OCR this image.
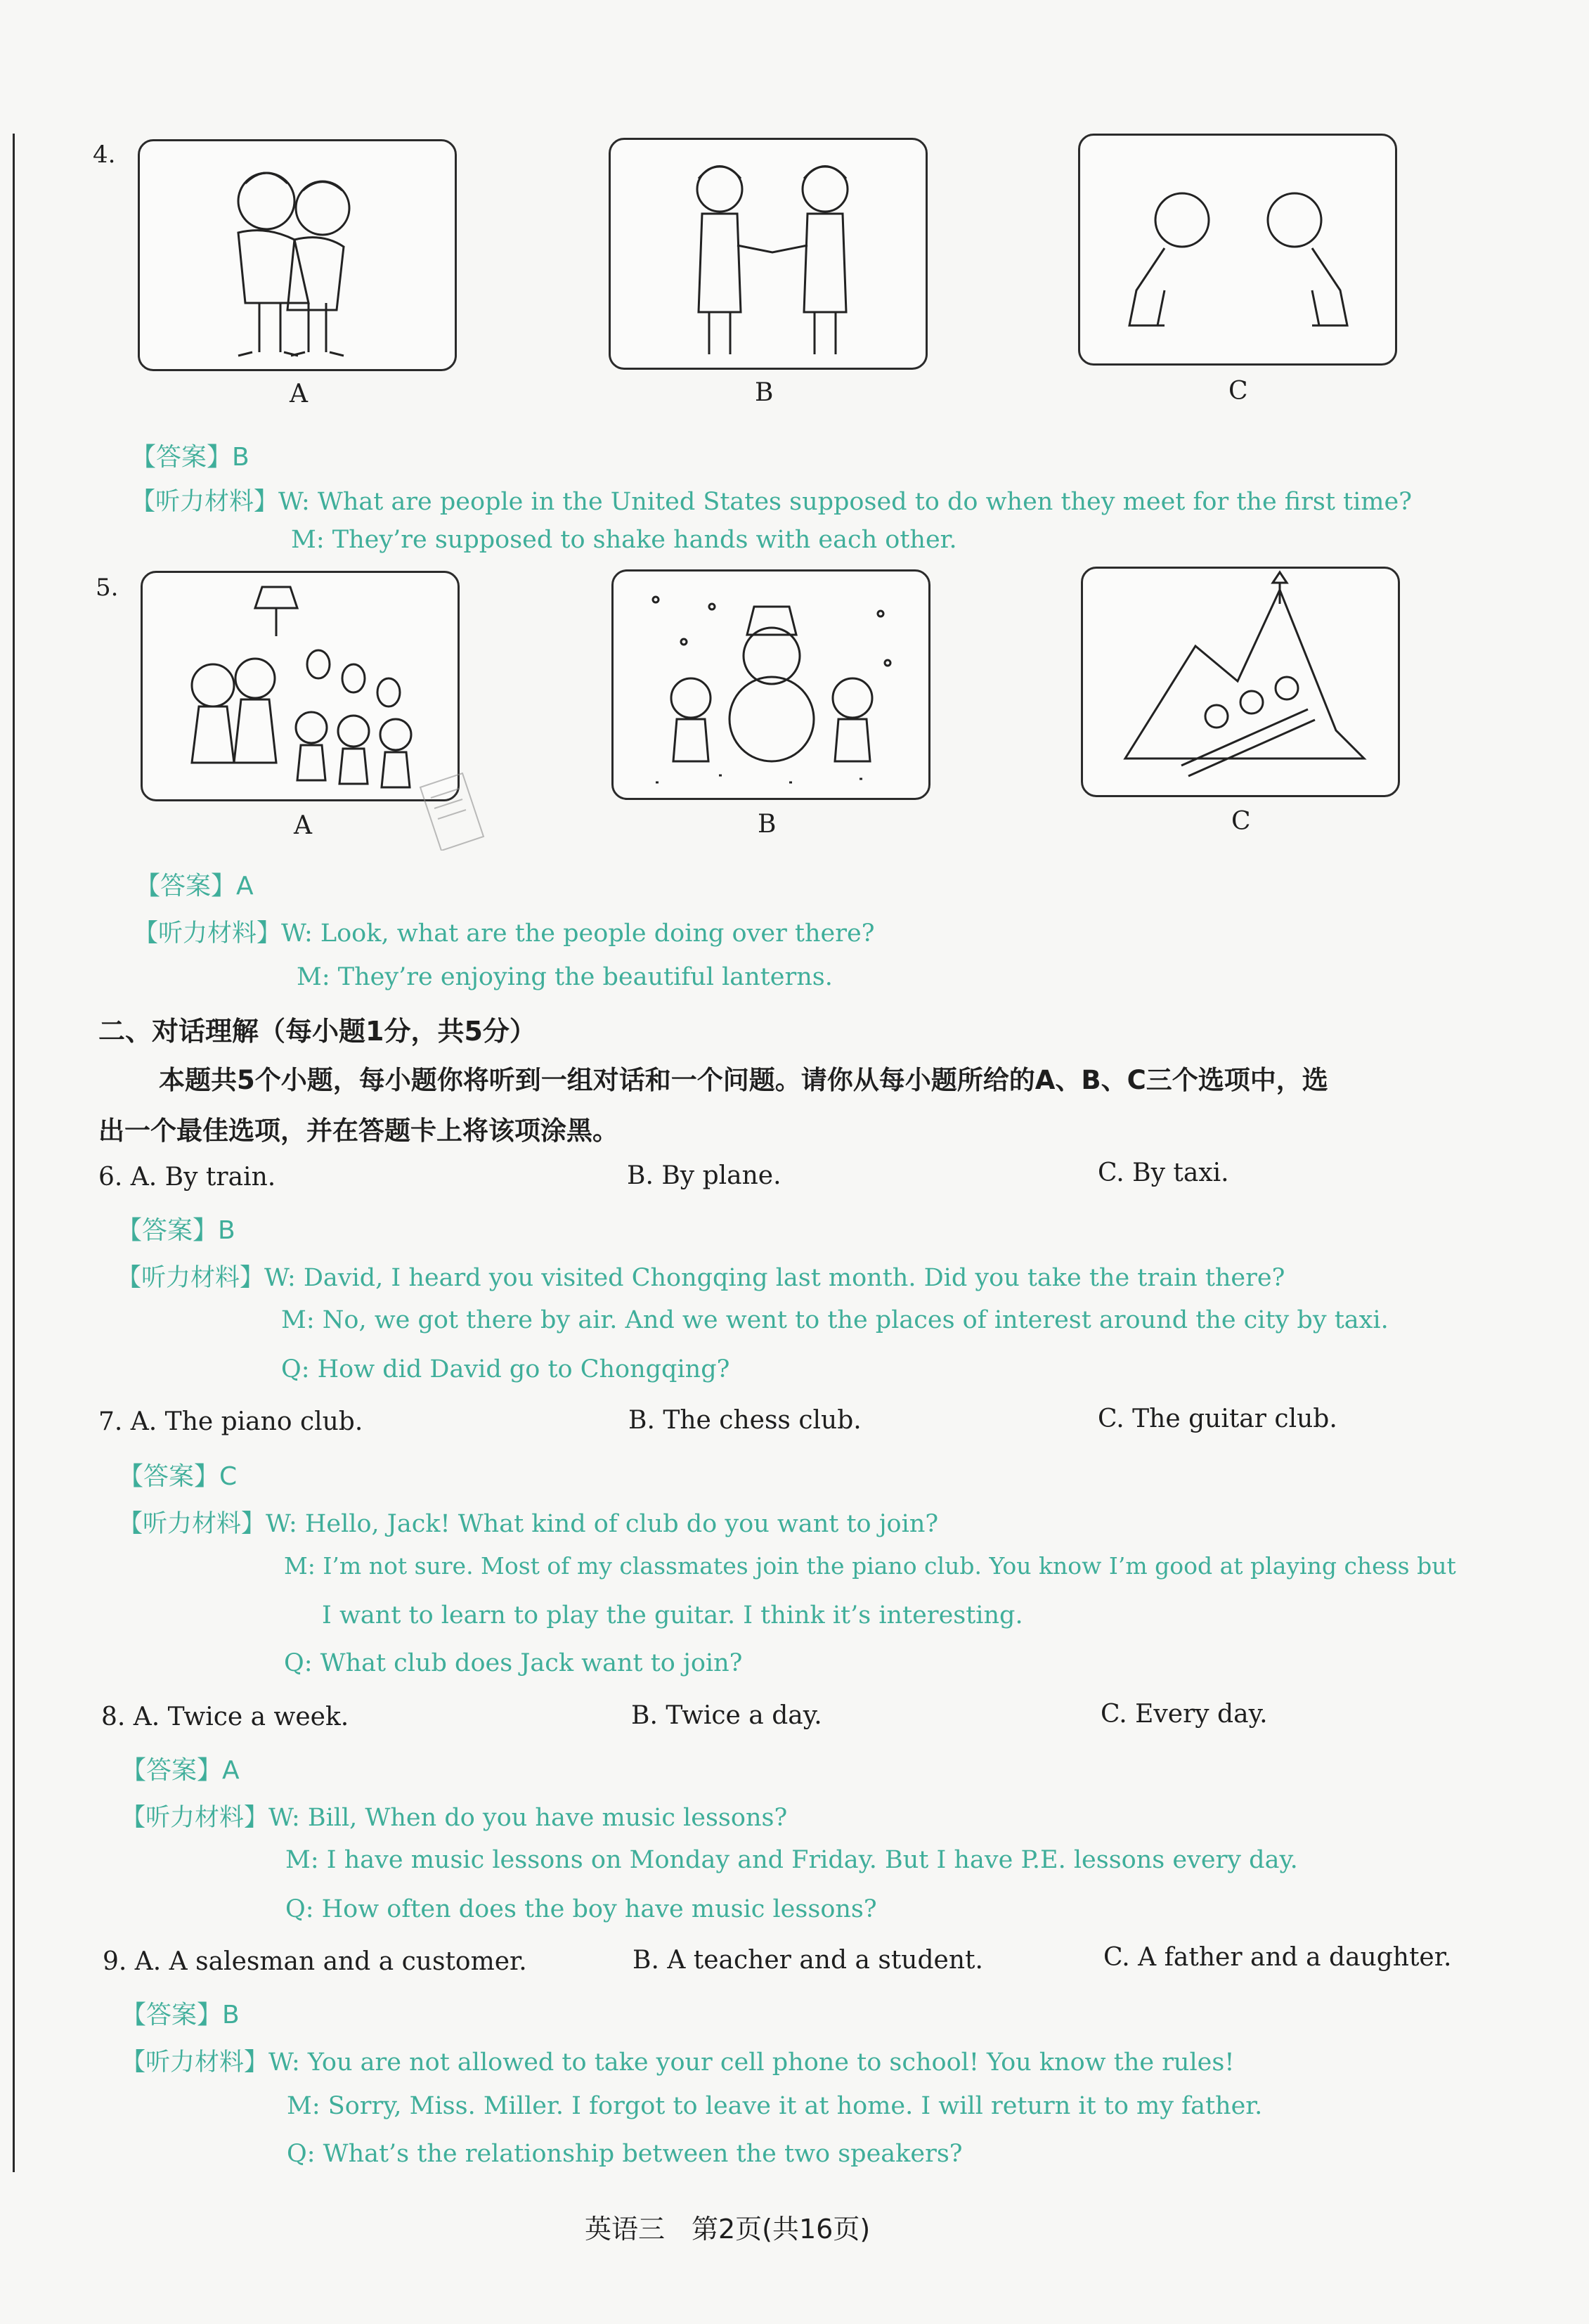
4.
A	B	C
【答案】B
【听力材料】W: What are people in the United States supposed to do when they meet for the first time?
M: They’re supposed to shake hands with each other.
5.
A	B	C
【答案】A
【听力材料】W: Look, what are the people doing over there?
M: They’re enjoying the beautiful lanterns.
二、对话理解（每小题1分，共5分）
本题共5个小题，每小题你将听到一组对话和一个问题。请你从每小题所给的A、B、C三个选项中，选
出一个最佳选项，并在答题卡上将该项涂黑。
6. A. By train.	B. By plane.	C. By taxi.
【答案】B
【听力材料】W: David, I heard you visited Chongqing last month. Did you take the train there?
M: No, we got there by air. And we went to the places of interest around the city by taxi.
Q: How did David go to Chongqing?
7. A. The piano club.	B. The chess club.	C. The guitar club.
【答案】C
【听力材料】W: Hello, Jack! What kind of club do you want to join?
M: I’m not sure. Most of my classmates join the piano club. You know I’m good at playing chess but
I want to learn to play the guitar. I think it’s interesting.
Q: What club does Jack want to join?
8. A. Twice a week.	B. Twice a day.	C. Every day.
【答案】A
【听力材料】W: Bill, When do you have music lessons?
M: I have music lessons on Monday and Friday. But I have P.E. lessons every day.
Q: How often does the boy have music lessons?
9. A. A salesman and a customer.	B. A teacher and a student.	C. A father and a daughter.
【答案】B
【听力材料】W: You are not allowed to take your cell phone to school! You know the rules!
M: Sorry, Miss. Miller. I forgot to leave it at home. I will return it to my father.
Q: What’s the relationship between the two speakers?
英语三　第2页(共16页)
